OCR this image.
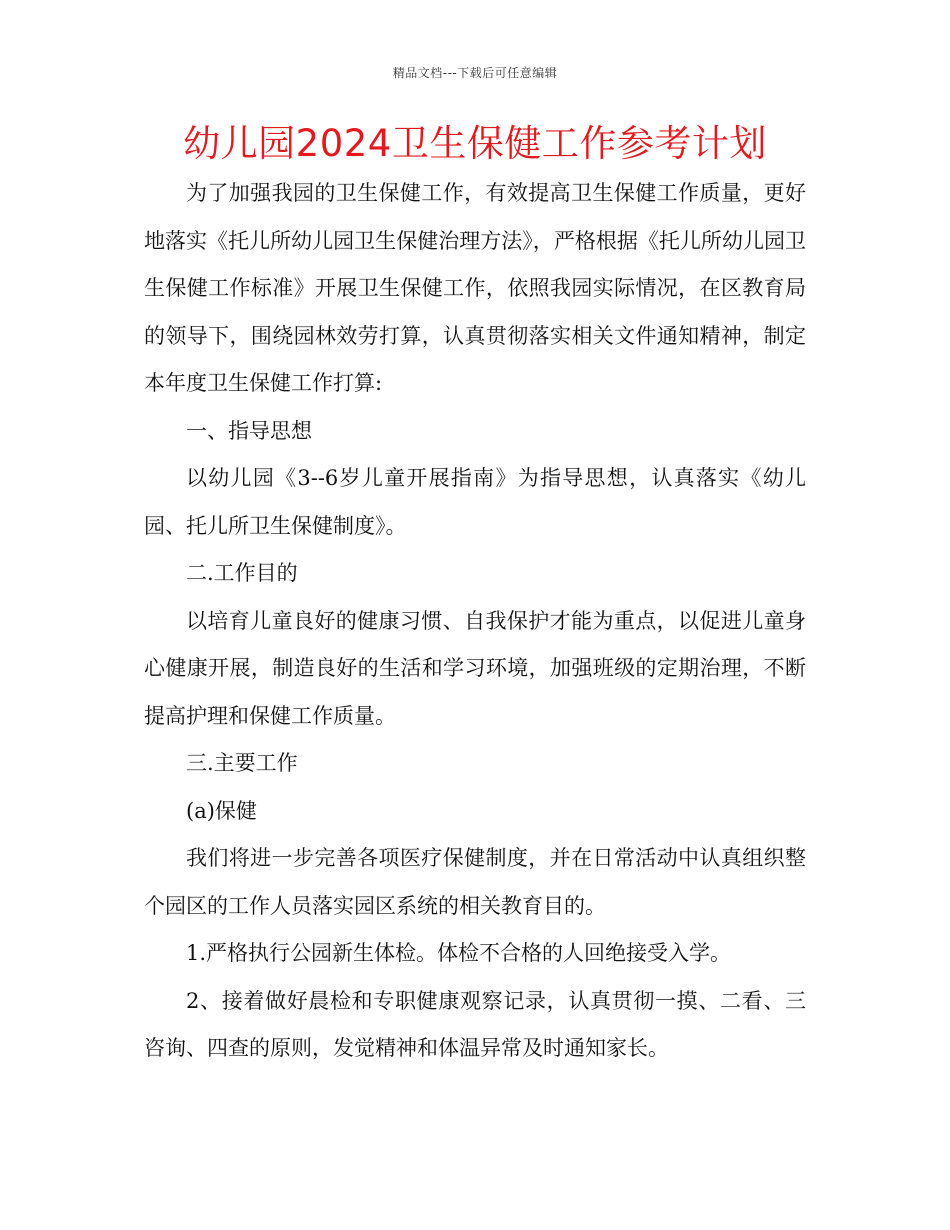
精品文档---下载后可任意编辑
幼儿园2024卫生保健工作参考计划

为了加强我园的卫生保健工作，有效提高卫生保健工作质量，更好地落实《托儿所幼儿园卫生保健治理方法》，严格根据《托儿所幼儿园卫生保健工作标准》开展卫生保健工作，依照我园实际情况，在区教育局的领导下，围绕园林效劳打算，认真贯彻落实相关文件通知精神，制定本年度卫生保健工作打算:

一、指导思想

以幼儿园《3--6岁儿童开展指南》为指导思想，认真落实《幼儿园、托儿所卫生保健制度》。

二.工作目的

以培育儿童良好的健康习惯、自我保护才能为重点，以促进儿童身心健康开展，制造良好的生活和学习环境，加强班级的定期治理，不断提高护理和保健工作质量。

三.主要工作

(a)保健

我们将进一步完善各项医疗保健制度，并在日常活动中认真组织整个园区的工作人员落实园区系统的相关教育目的。

1.严格执行公园新生体检。体检不合格的人回绝接受入学。

2、接着做好晨检和专职健康观察记录，认真贯彻一摸、二看、三咨询、四查的原则，发觉精神和体温异常及时通知家长。
